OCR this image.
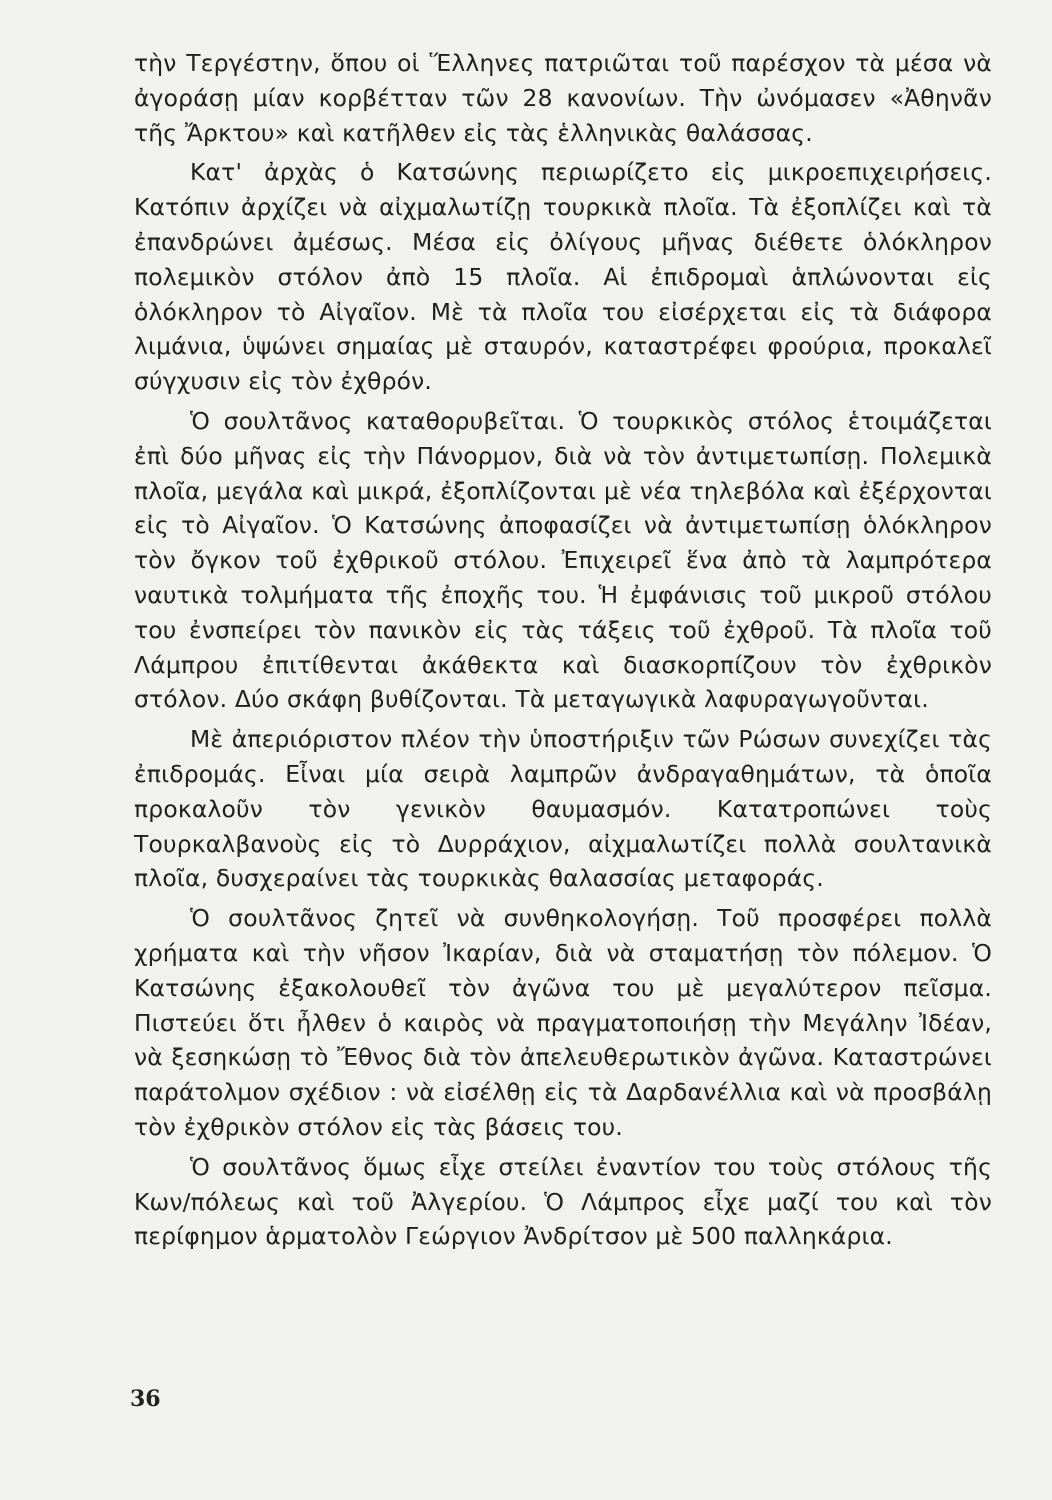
τὴν Τεργέστην, ὅπου οἱ Ἕλληνες πατριῶται τοῦ παρέσχον τὰ μέσα νὰ ἀγοράσῃ μίαν κορβέτταν τῶν 28 κανονίων. Τὴν ὠνόμασεν «Ἀθηνᾶν τῆς Ἄρκτου» καὶ κατῆλθεν εἰς τὰς ἑλληνικὰς θαλάσσας.

Κατ' ἀρχὰς ὁ Κατσώνης περιωρίζετο εἰς μικροεπιχειρήσεις. Κατόπιν ἀρχίζει νὰ αἰχμαλωτίζῃ τουρκικὰ πλοῖα. Τὰ ἐξοπλίζει καὶ τὰ ἐπανδρώνει ἀμέσως. Μέσα εἰς ὀλίγους μῆνας διέθετε ὁλόκληρον πολεμικὸν στόλον ἀπὸ 15 πλοῖα. Αἱ ἐπιδρομαὶ ἁπλώνονται εἰς ὁλόκληρον τὸ Αἰγαῖον. Μὲ τὰ πλοῖα του εἰσέρχεται εἰς τὰ διάφορα λιμάνια, ὑψώνει σημαίας μὲ σταυρόν, καταστρέφει φρούρια, προκαλεῖ σύγχυσιν εἰς τὸν ἐχθρόν.

Ὁ σουλτᾶνος καταθορυβεῖται. Ὁ τουρκικὸς στόλος ἑτοιμάζεται ἐπὶ δύο μῆνας εἰς τὴν Πάνορμον, διὰ νὰ τὸν ἀντιμετωπίσῃ. Πολεμικὰ πλοῖα, μεγάλα καὶ μικρά, ἐξοπλίζονται μὲ νέα τηλεβόλα καὶ ἐξέρχονται εἰς τὸ Αἰγαῖον. Ὁ Κατσώνης ἀποφασίζει νὰ ἀντιμετωπίσῃ ὁλόκληρον τὸν ὄγκον τοῦ ἐχθρικοῦ στόλου. Ἐπιχειρεῖ ἕνα ἀπὸ τὰ λαμπρότερα ναυτικὰ τολμήματα τῆς ἐποχῆς του. Ἡ ἐμφάνισις τοῦ μικροῦ στόλου του ἐνσπείρει τὸν πανικὸν εἰς τὰς τάξεις τοῦ ἐχθροῦ. Τὰ πλοῖα τοῦ Λάμπρου ἐπιτίθενται ἀκάθεκτα καὶ διασκορπίζουν τὸν ἐχθρικὸν στόλον. Δύο σκάφη βυθίζονται. Τὰ μεταγωγικὰ λαφυραγωγοῦνται.

Μὲ ἀπεριόριστον πλέον τὴν ὑποστήριξιν τῶν Ρώσων συνεχίζει τὰς ἐπιδρομάς. Εἶναι μία σειρὰ λαμπρῶν ἀνδραγαθημάτων, τὰ ὁποῖα προκαλοῦν τὸν γενικὸν θαυμασμόν. Κατατροπώνει τοὺς Τουρκαλβανοὺς εἰς τὸ Δυρράχιον, αἰχμαλωτίζει πολλὰ σουλτανικὰ πλοῖα, δυσχεραίνει τὰς τουρκικὰς θαλασσίας μεταφοράς.

Ὁ σουλτᾶνος ζητεῖ νὰ συνθηκολογήσῃ. Τοῦ προσφέρει πολλὰ χρήματα καὶ τὴν νῆσον Ἰκαρίαν, διὰ νὰ σταματήσῃ τὸν πόλεμον. Ὁ Κατσώνης ἐξακολουθεῖ τὸν ἀγῶνα του μὲ μεγαλύτερον πεῖσμα. Πιστεύει ὅτι ἦλθεν ὁ καιρὸς νὰ πραγματοποιήσῃ τὴν Μεγάλην Ἰδέαν, νὰ ξεσηκώσῃ τὸ Ἔθνος διὰ τὸν ἀπελευθερωτικὸν ἀγῶνα. Καταστρώνει παράτολμον σχέδιον : νὰ εἰσέλθῃ εἰς τὰ Δαρδανέλλια καὶ νὰ προσβάλῃ τὸν ἐχθρικὸν στόλον εἰς τὰς βάσεις του.

Ὁ σουλτᾶνος ὅμως εἶχε στείλει ἐναντίον του τοὺς στόλους τῆς Κων/πόλεως καὶ τοῦ Ἀλγερίου. Ὁ Λάμπρος εἶχε μαζί του καὶ τὸν περίφημον ἁρματολὸν Γεώργιον Ἀνδρίτσον μὲ 500 παλληκάρια.

36
